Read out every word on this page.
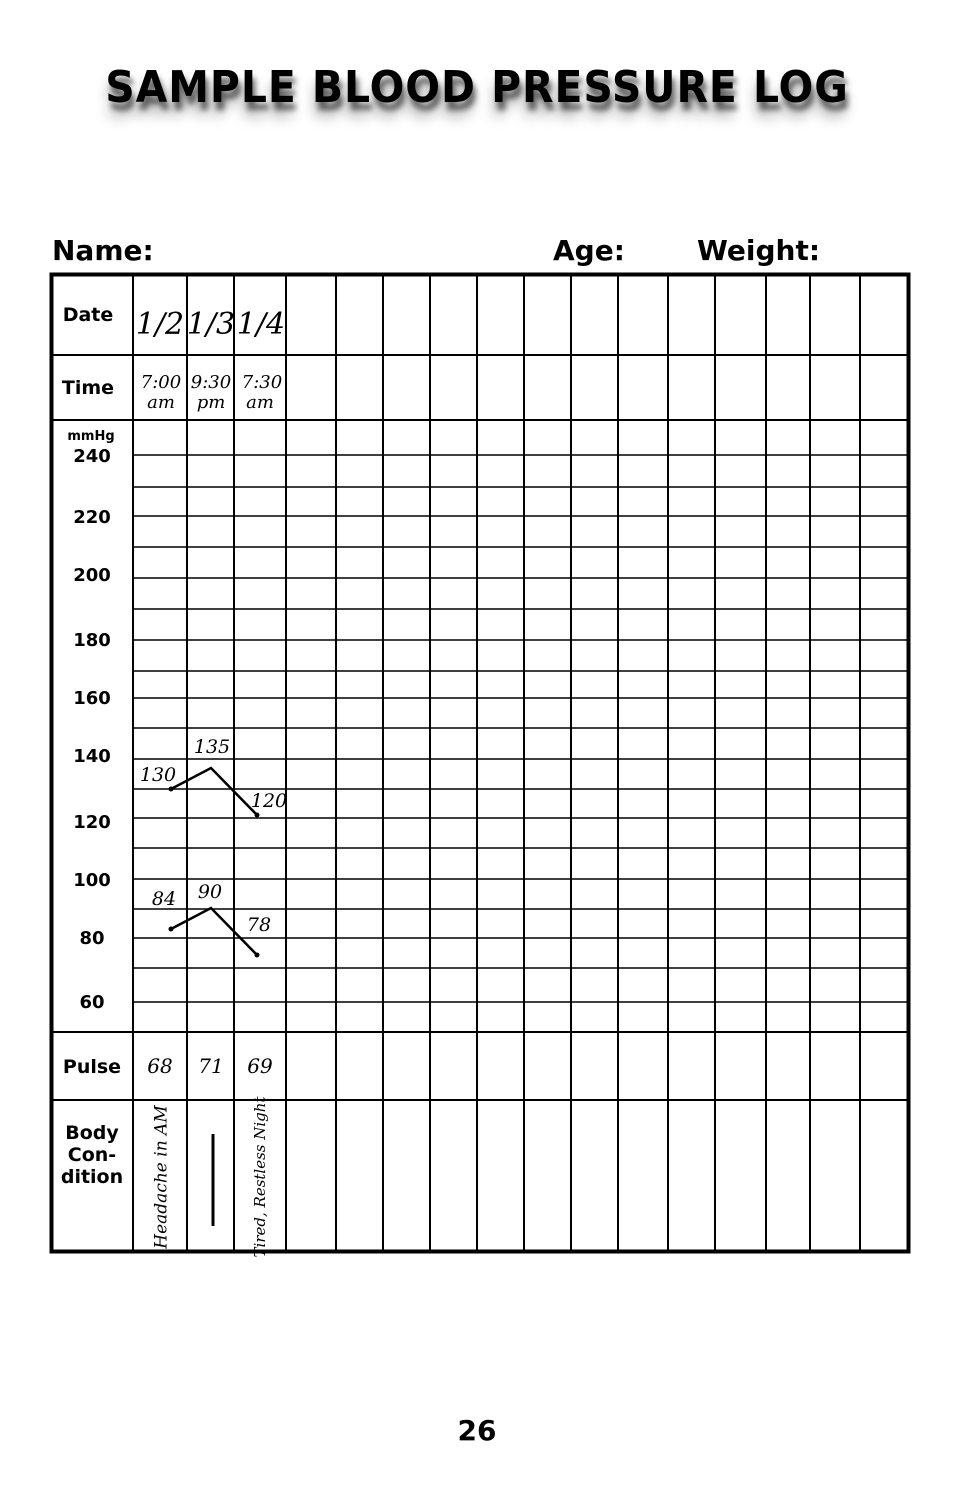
SAMPLE BLOOD PRESSURE LOG
Name:	Age:	Weight:
Date
Time
mmHg
240
220
200
180
160
140
120
100
80
60
Pulse
Body
Con-
dition
1/2
7:00
am
130
84
68
Headache in AM
1/3
9:30
pm
135
90
71
1/4
7:30
am
120
78
69
Tired, Restless Night
26
